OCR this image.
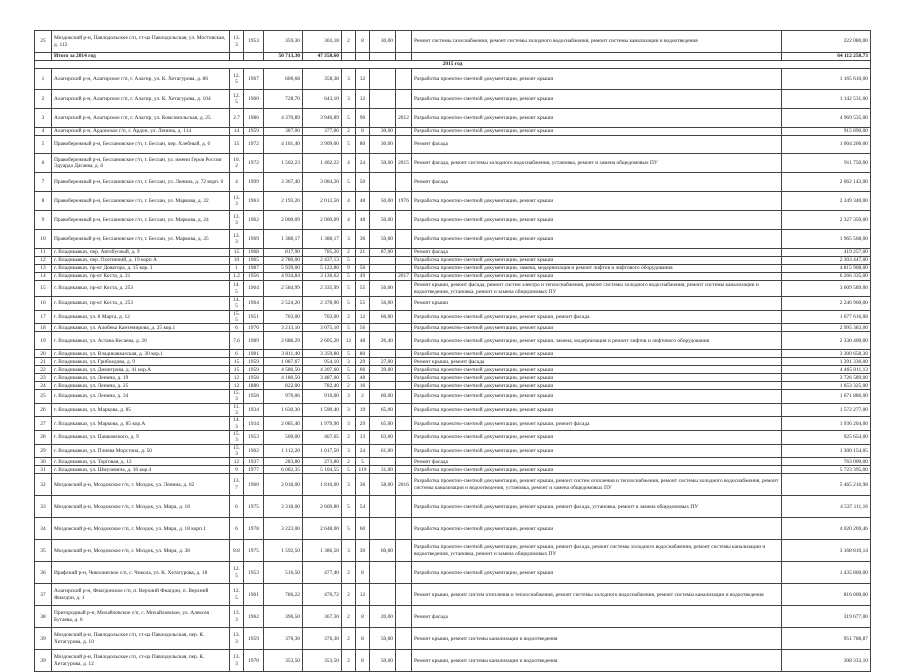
25	Моздокский р-н, Павлодольское с/п, ст-ца Павлодольская, ул. Мостовская, д. 112	13.3	1953	359,30	303,18	2	8	30,00		Ремонт системы газоснабжения, ремонт системы холодного водоснабжения, ремонт системы канализации и водоотведения	222 080,00
	Итого за 2014 год			50 713,30	47 358,60						64 112 258,73
2015 год											
1	Алагирский р-н, Алагирское г/п, г. Алагир, ул. К. Хетагурова, д. 86	12.5	1967	606,68	358,38	3	12			Разработка проектно-сметной документации, ремонт крыши	1 165 610,00
2	Алагирский р-н, Алагирское г/п, г. Алагир, ул. К. Хетагурова, д. 104	12.5	1960	728,70	643,10	3	12			Разработка проектно-сметной документации, ремонт крыши	1 142 531,00
3	Алагирский р-н, Алагирское г/п, г. Алагир, ул. Комсомольская, д. 25	2.7	1986	4 370,89	3 946,89	5	90		2012	Разработка проектно-сметной документации, ремонт крыши	4 969 535,00
4	Алагирский р-н, Ардонское г/п, г. Ардон, ул. Ленина, д. 114	14	1959	387,00	377,00	2	8	30,00		Разработка проектно-сметной документации, ремонт крыши	915 890,00
5	Правобережный р-н, Беслановское г/п, г. Беслан, пер. Хлебный, д. 6	15	1972	4 101,40	3 909,00	5	80	30,00		Ремонт фасада	1 004 206,00
6	Правобережный р-н, Беслановское г/п, г. Беслан, ул. имени Героя России Эдуарда Дагаева, д. 6	10.2	1972	1 502,23	1 402,22	4	24	50,00	2015	Ремонт фасада, ремонт системы холодного водоснабжения, установка, ремонт и замена общедомовых ПУ	911 750,00
7	Правобережный р-н, Беслановское г/п, г. Беслан, ул. Ленина, д. 72 корп. 6	4	1999	3 367,40	3 084,20	5	50			Ремонт фасада	2 062 142,00
8	Правобережный р-н, Беслановское г/п, г. Беслан, ул. Маркова, д. 22	13.3	1963	2 193,20	2 012,50	4	48	50,00	1976	Разработка проектно-сметной документации, ремонт крыши	2 349 340,00
9	Правобережный р-н, Беслановское г/п, г. Беслан, ул. Маркова, д. 24	13.3	1962	2 000,09	2 000,09	4	48	50,00		Разработка проектно-сметной документации, ремонт крыши	2 327 350,00
10	Правобережный р-н, Беслановское г/п, г. Беслан, ул. Маркова, д. 25	13.3	1969	1 388,17	1 388,17	3	36	50,00		Разработка проектно-сметной документации, ремонт крыши	1 965 568,00
11	г. Владикавказ, пер. Автобусный, д. 9	15	1968	817,90	785,20	2	21	87,00		Ремонт фасада	419 257,00
12	г. Владикавказ, пер. Охотничий, д. 19 корп А	10	1965	2 780,00	2 437,13	5				Разработка проектно-сметной документации, ремонт крыши	2 303 447,00
13	г. Владикавказ, пр-кт Доватора, д. 15 кор. 1	1	1987	5 939,00	5 122,80	9	56			Разработка проектно-сметной документации, замена, модернизация и ремонт лифтов и лифтового оборудования	4 815 908,00
14	г. Владикавказ, пр-кт Коста, д. 21	1.2	1956	4 934,84	3 136,62	5	49		2017	Разработка проектно-сметной документации, ремонт крыши	6 266 335,00
15	г. Владикавказ, пр-кт Коста, д. 253	14.5	1964	2 584,99	2 335,99	5	55	56,00		Ремонт крыши, ремонт фасада, ремонт систем электро и теплоснабжения, ремонт системы холодного водоснабжения, ремонт системы канализации и водоотведения, установка, ремонт и замена общедомовых ПУ	3 609 589,00
16	г. Владикавказ, пр-кт Коста, д. 253	14.5	1964	2 524,20	2 378,90	5	55	56,00		Ремонт крыши	2 246 960,00
17	г. Владикавказ, ул. 8 Марта, д. 12	15.5	1951	703,00	703,00	2	12	66,00		Разработка проектно-сметной документации, ремонт крыши, ремонт фасада	1 677 616,08
18	г. Владикавказ, ул. Алибека Кантемирова, д. 25 кор.1	6	1976	3 213,10	3 075,10	5	56			Разработка проектно-сметной документации, ремонт крыши	2 995 383,00
19	г. Владикавказ, ул. Астана Кесаева, д. 26	7.6	1989	2 688,29	2 605,20	12	48	26,40		Разработка проектно-сметной документации, ремонт крыши, замена, модернизация и ремонт лифтов и лифтового оборудования	2 330 400,00
20	г. Владикавказ, ул. Владикавказская, д. 30 кор.1	6	1981	3 811,40	3 359,80	5	80			Разработка проектно-сметной документации, ремонт крыши	3 300 658,30
21	г. Владикавказ, ул. Грибоедова, д. 9	15	1959	1 087,67	954,10	3	29	27,00		Ремонт крыши, ремонт фасада	1 391 336,00
22	г. Владикавказ, ул. Димитрова, д. 41 кор.А	15	1959	4 580,50	4 207,60	5	66	39,00		Разработка проектно-сметной документации, ремонт крыши	4 465 011,13
23	г. Владикавказ, ул. Ленина, д. 19	12	1958	4 180,50	3 487,00	5	48			Разработка проектно-сметной документации, ремонт крыши	3 726 589,00
24	г. Владикавказ, ул. Ленина, д. 25	12	1880	822,00	782,40	2	16			Разработка проектно-сметной документации, ремонт крыши	1 653 325,00
25	г. Владикавказ, ул. Ленина, д. 34	15.3	1958	976,06	916,00	3	2	60,00		Разработка проектно-сметной документации, ремонт крыши	1 671 886,00
26	г. Владикавказ, ул. Маркова, д. 85	11.3	1934	1 630,30	1 590,40	3	19	65,00		Разработка проектно-сметной документации, ремонт крыши	1 572 277,00
27	г. Владикавказ, ул. Маркова, д. 85 кор.А	14.3	1934	2 085,40	1 979,90	3	29	65,00		Разработка проектно-сметной документации, ремонт крыши, ремонт фасада	1 936 204,00
28	г. Владикавказ, ул. Пашковского, д. 9	15.3	1953	500,00	467,65	2	13	63,00		Разработка проектно-сметной документации, ремонт крыши	925 654,00
29	г. Владикавказ, ул. Плиева Морстона, д. 50	15.3	1962	1 112,20	1 017,50	3	24	61,00		Разработка проектно-сметной документации, ремонт крыши	1 300 154,05
30	г. Владикавказ, ул. Торговая, д. 12	12	1937	283,80	273,80	2	5			Ремонт фасада	763 000,00
31	г. Владикавказ, ул. Шмулевича, д. 16 кор.4	9	1977	6 082,35	5 104,55	5	119	31,00		Разработка проектно-сметной документации, ремонт крыши	5 723 395,00
32	Моздокский р-н, Моздокское г/п, г. Моздок, ул. Ленина, д. 62	13.7	1960	2 018,00	1 816,00	3	36	58,00	2016	Разработка проектно-сметной документации, ремонт крыши, ремонт систем отопления и теплоснабжения, ремонт системы холодного водоснабжения, ремонт системы канализации и водоотведения, установка, ремонт и замена общедомовых ПУ	5 465 216,98
33	Моздокский р-н, Моздокское г/п, г. Моздок, ул. Мира, д. 18	6	1975	3 318,00	2 669,80	5	54			Разработка проектно-сметной документации, ремонт крыши, ремонт фасада, установка, ремонт и замена общедомовых ПУ	4 537 111,16
34	Моздокский р-н, Моздокское г/п, г. Моздок, ул. Мира, д. 18 корп.1	6	1978	3 223,00	2 648,00	5	60			Разработка проектно-сметной документации, ремонт крыши	4 020 269,46
35	Моздокский р-н, Моздокское г/п, г. Моздок, ул. Мира, д. 38	8.8	1975	1 592,50	1 386,50	3	30	60,00		Разработка проектно-сметной документации, ремонт крыши, ремонт фасада, ремонт системы холодного водоснабжения, ремонт системы канализации и водоотведения, установка, ремонт и замена общедомовых ПУ	3 168 810,14
36	Ирафский р-н, Чиколинское с/п, с. Чикола, ул. К. Хетагурова, д. 18	12.5	1953	516,50	477,40	2	8			Разработка проектно-сметной документации, ремонт крыши	1 435 860,00
37	Алагирский р-н, Фиагдонское г/п, п. Верхний Фиагдон, п. Верхний Фиагдон, д. 1	12.5	1961	786,22	476,72	2	12			Ремонт крыши, ремонт систем отопления и теплоснабжения, ремонт системы холодного водоснабжения, ремонт системы канализации и водоотведения	816 000,00
38	Пригородный р-н, Михайловское с/п, с. Михайловское, ул. Алексея Бутаева, д. 6	13.3	1962	390,50	367,30	2	8	20,00		Ремонт фасада	319 677,00
39	Моздокский р-н, Павлодольское с/п, ст-ца Павлодольская, пер. К. Хетагурова, д. 10	13.3	1959	376,30	376,30	2	8	50,00		Ремонт крыши, ремонт системы канализации и водоотведения	951 788,87
39	Моздокский р-н, Павлодольское с/п, ст-ца Павлодольская, пер. К. Хетагурова, д. 12	13.3	1970	353,50	353,50	2	8	50,00		Ремонт крыши, ремонт системы канализации и водоотведения	308 333,10
